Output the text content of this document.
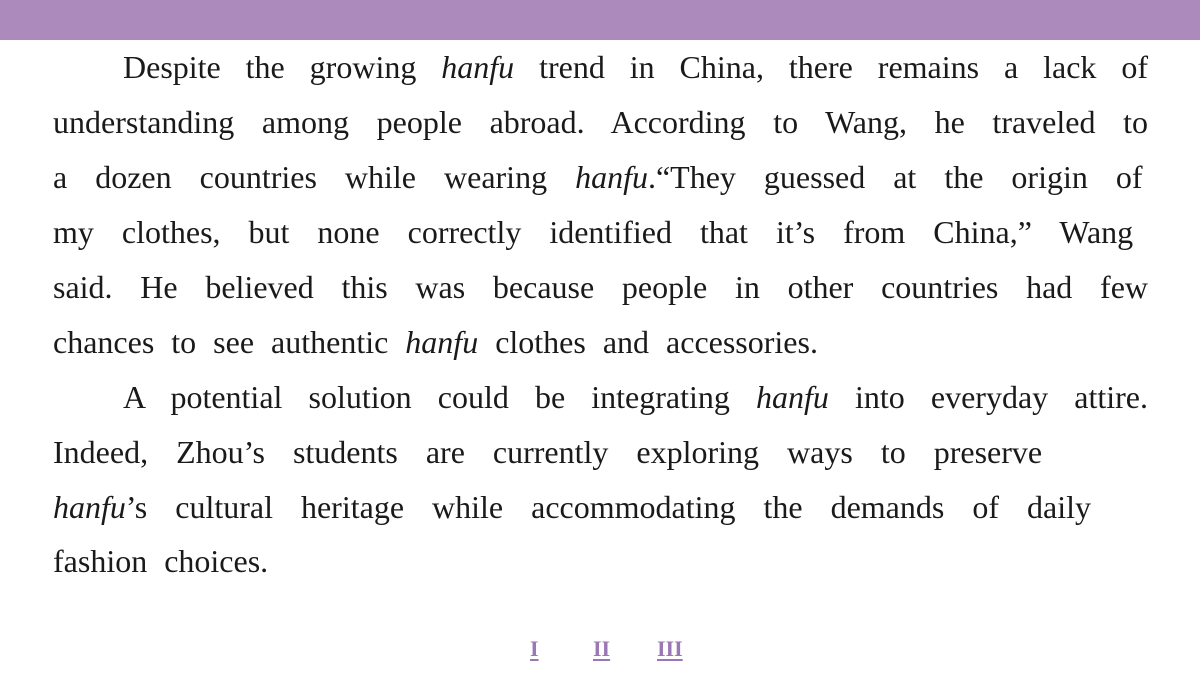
Despite the growing hanfu trend in China, there remains a lack of
understanding among people abroad. According to Wang, he traveled to
a dozen countries while wearing hanfu.“They guessed at the origin of
my clothes, but none correctly identified that it’s from China,” Wang
said. He believed this was because people in other countries had few
chances to see authentic hanfu clothes and accessories.
A potential solution could be integrating hanfu into everyday attire.
Indeed, Zhou’s students are currently exploring ways to preserve
hanfu’s cultural heritage while accommodating the demands of daily
fashion choices.
I II III
